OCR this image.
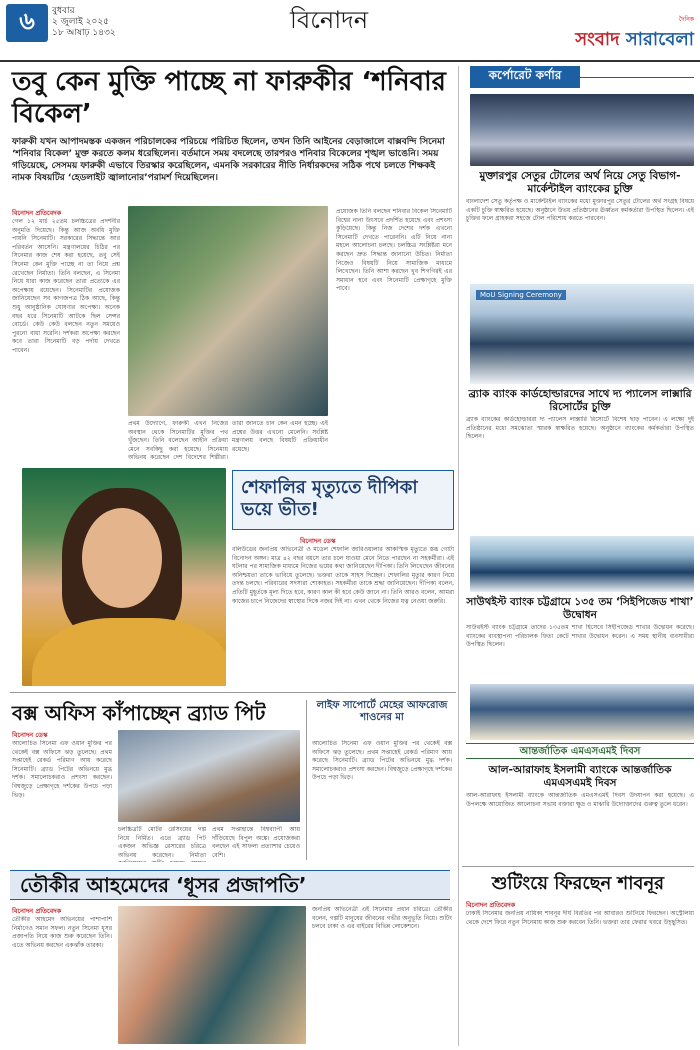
৬	বুধবার
২ জুলাই ২০২৫
১৮ আষাঢ় ১৪৩২	বিনোদন	দৈনিক
সংবাদ সারাবেলা
তবু কেন মুক্তি পাচ্ছে না ফারুকীর ‘শনিবার বিকেল’
ফারুকী যখন আপাদমস্তক একজন পরিচালকের পরিচয়ে পরিচিত ছিলেন, তখন তিনি আইনের বেড়াজালে বাক্সবন্দি সিনেমা ‘শনিবার বিকেল’ মুক্ত করতে কলম ধরেছিলেন। বর্তমানে সময় বদলেছে তারপরও শনিবার বিকেলের শৃঙ্খল ভাঙেনি। সময় গড়িয়েছে, সেসময় ফারুকী এভাবে তিরস্কার করেছিলেন, এমনকি সরকারের নীতি নির্ধারকদের সঠিক পথে চলতে শিক্ষকই নামক বিষয়টির ‘হেডলাইট জ্বালানোর’পরামর্শ দিয়েছিলেন।
বিনোদন প্রতিবেদক
গেল ১২ মার্চ ২৫তম চলচ্চিত্রের প্রদর্শনীর অনুমতি দিয়েছে। কিন্তু আজ অবধি মুক্তি পায়নি সিনেমাটি। সরকারের সিদ্ধান্তে আর পরিবর্তন আসেনি। মন্ত্রণালয়ের চিঠির পর সিনেমার কাজ শেষ করা হয়েছে, তবু সেই সিনেমা কেন মুক্তি পাচ্ছে না তা নিয়ে প্রশ্ন রেখেছেন নির্মাতা। তিনি বলছেন, এ সিনেমা নিয়ে যারা কাজ করেছেন তারা প্রত্যেকে এর অপেক্ষায় রয়েছেন। সিনেমাটির প্রযোজক জানিয়েছেন সব কাগজপত্র ঠিক আছে, কিন্তু শুধু আনুষ্ঠানিক ঘোষণার অপেক্ষা। অনেক বছর ধরে সিনেমাটি আটকে ছিল সেন্সর বোর্ডে। কেউ কেউ বলছেন নতুন সময়েও পুরনো বাধা সরেনি। দর্শকরা অপেক্ষা করছেন কবে তারা সিনেমাটি বড় পর্দায় দেখতে পাবেন।
প্রযোজক তিনি বলছেন শনিবার বিকেল সিনেমাটি বিশ্বের নানা উৎসবে প্রদর্শিত হয়েছে এবং প্রশংসা কুড়িয়েছে। কিন্তু নিজ দেশের দর্শক এখনো সিনেমাটি দেখতে পারেননি। এটি নিয়ে নানা মহলে আলোচনা চলছে। চলচ্চিত্র সংশ্লিষ্টরা মনে করছেন দ্রুত সিদ্ধান্ত জানানো উচিত। নির্মাতা নিজেও বিষয়টি নিয়ে সামাজিক মাধ্যমে লিখেছেন। তিনি আশা করছেন খুব শিগগিরই এর সমাধান হবে এবং সিনেমাটি প্রেক্ষাগৃহে মুক্তি পাবে।
প্রথম উদ্যোগে, ফারুকী এখন নিজের অবস্থান থেকে সিনেমাটির মুক্তির পথ খুঁজছেন। তিনি বলেছেন আইনি প্রক্রিয়া মেনে সবকিছু করা হয়েছে। সিনেমায় অভিনয় করেছেন দেশ বিদেশের শিল্পীরা।
তারা জানতে চান কেন এমন হচ্ছে। এই প্রশ্নের উত্তর এখনো মেলেনি। সংশ্লিষ্ট মন্ত্রণালয় বলছে বিষয়টি প্রক্রিয়াধীন রয়েছে।
শেফালির মৃত্যুতে দীপিকা ভয়ে ভীত!
বিনোদন ডেস্ক
বলিউডের জনপ্রিয় অভিনেত্রী ও মডেল শেফালি জারিওয়ালার আকস্মিক মৃত্যুতে স্তব্ধ গোটা বিনোদন অঙ্গন। মাত্র ৪২ বছর বয়সে তার চলে যাওয়া মেনে নিতে পারছেন না সহকর্মীরা। এই ঘটনার পর সামাজিক মাধ্যমে নিজের ভয়ের কথা জানিয়েছেন দীপিকা। তিনি লিখেছেন জীবনের অনিশ্চয়তা তাকে ভাবিয়ে তুলেছে। ভক্তরা তাকে সাহস দিচ্ছেন। শেফালির মৃত্যুর কারণ নিয়ে তদন্ত চলছে। পরিবারের সদস্যরা শোকাহত। সহকর্মীরা তাকে শ্রদ্ধা জানিয়েছেন। দীপিকা বলেন, প্রতিটি মুহূর্তকে মূল্য দিতে হবে, কারণ কাল কী হবে কেউ জানে না। তিনি আরও বলেন, আমরা কাজের চাপে নিজেদের স্বাস্থ্যের দিকে নজর দিই না। এখন থেকে নিজের যত্ন নেওয়া জরুরি।
বক্স অফিস কাঁপাচ্ছেন ব্র্যাড পিট
বিনোদন ডেস্ক
আলোচিত সিনেমা এফ ওয়ান মুক্তির পর থেকেই বক্স অফিসে ঝড় তুলেছে। প্রথম সপ্তাহেই রেকর্ড পরিমাণ আয় করেছে সিনেমাটি। ব্র্যাড পিটের অভিনয়ে মুগ্ধ দর্শক। সমালোচকরাও প্রশংসা করছেন। বিশ্বজুড়ে প্রেক্ষাগৃহে দর্শকের উপচে পড়া ভিড়।
চলচ্চিত্রটি মোটর রেসিংয়ের গল্প নিয়ে নির্মিত। এতে ব্র্যাড পিট একজন অভিজ্ঞ রেসারের চরিত্রে অভিনয় করেছেন। নির্মাতা
প্রথম সপ্তাহান্তে বিশ্বব্যাপী আয় দাঁড়িয়েছে বিপুল অঙ্কে। প্রযোজকরা বলছেন এই সাফল্য প্রত্যাশার চেয়েও বেশি।
আলোচিত সিনেমা এফ ওয়ান মুক্তির পর থেকেই বক্স অফিসে ঝড় তুলেছে। প্রথম সপ্তাহেই রেকর্ড পরিমাণ আয় করেছে সিনেমাটি। ব্র্যাড পিটের অভিনয়ে মুগ্ধ দর্শক। সমালোচকরাও প্রশংসা করছেন। বিশ্বজুড়ে প্রেক্ষাগৃহে দর্শকের উপচে পড়া ভিড়।
লাইফ সাপোর্টে মেহের আফরোজ শাওনের মা
তৌকীর আহমেদের ‘ধূসর প্রজাপতি’
বিনোদন প্রতিবেদক
তৌকীর আহমেদ অভিনয়ের পাশাপাশি নির্মাণেও সমান সফল। নতুন সিনেমা ধূসর প্রজাপতি নিয়ে কাজ শুরু করেছেন তিনি। এতে অভিনয় করছেন একঝাঁক তারকা।
জনপ্রিয় অভিনেত্রী এই সিনেমার প্রধান চরিত্রে। তৌকীর বলেন, গল্পটি মানুষের জীবনের গভীর অনুভূতি নিয়ে। শুটিং চলবে ঢাকা ও এর বাইরের বিভিন্ন লোকেশনে।
কর্পোরেট কর্ণার
মুক্তারপুর সেতুর টোলের অর্থ নিয়ে সেতু বিভাগ-মার্কেন্টাইল ব্যাংকের চুক্তি
বাংলাদেশ সেতু কর্তৃপক্ষ ও মার্কেন্টাইল ব্যাংকের মধ্যে মুক্তারপুর সেতুর টোলের অর্থ সংগ্রহ বিষয়ে একটি চুক্তি স্বাক্ষরিত হয়েছে। অনুষ্ঠানে উভয় প্রতিষ্ঠানের ঊর্ধ্বতন কর্মকর্তারা উপস্থিত ছিলেন। এই চুক্তির ফলে গ্রাহকরা সহজে টোল পরিশোধ করতে পারবেন।
MoU Signing Ceremony
ব্র্যাক ব্যাংক কার্ডহোল্ডারদের সাথে দ্য প্যালেস লাক্সারি রিসোর্টের চুক্তি
ব্র্যাক ব্যাংকের কার্ডহোল্ডাররা দ্য প্যালেস লাক্সারি রিসোর্টে বিশেষ ছাড় পাবেন। এ লক্ষ্যে দুই প্রতিষ্ঠানের মধ্যে সমঝোতা স্মারক স্বাক্ষরিত হয়েছে। অনুষ্ঠানে ব্যাংকের কর্মকর্তারা উপস্থিত ছিলেন।
সাউথইস্ট ব্যাংক চট্টগ্রামে ১৩৫ তম ‘সিইপিজেড শাখা’ উদ্বোধন
সাউথইস্ট ব্যাংক চট্টগ্রামে তাদের ১৩৫তম শাখা হিসেবে সিইপিজেড শাখার উদ্বোধন করেছে। ব্যাংকের ব্যবস্থাপনা পরিচালক ফিতা কেটে শাখার উদ্বোধন করেন। এ সময় স্থানীয় ব্যবসায়ীরা উপস্থিত ছিলেন।
আন্তর্জাতিক এমএসএমই দিবস
আল-আরাফাহ ইসলামী ব্যাংকে আন্তর্জাতিক এমএসএমই দিবস
আল-আরাফাহ ইসলামী ব্যাংকে আন্তর্জাতিক এমএসএমই দিবস উদযাপন করা হয়েছে। এ উপলক্ষে আয়োজিত আলোচনা সভায় বক্তারা ক্ষুদ্র ও মাঝারি উদ্যোক্তাদের গুরুত্ব তুলে ধরেন।
শুটিংয়ে ফিরছেন শাবনূর
বিনোদন প্রতিবেদক
ঢাকাই সিনেমার জনপ্রিয় নায়িকা শাবনূর দীর্ঘ বিরতির পর আবারও শুটিংয়ে ফিরছেন। অস্ট্রেলিয়া থেকে দেশে ফিরে নতুন সিনেমায় কাজ শুরু করবেন তিনি। ভক্তরা তার ফেরার খবরে উচ্ছ্বসিত।
